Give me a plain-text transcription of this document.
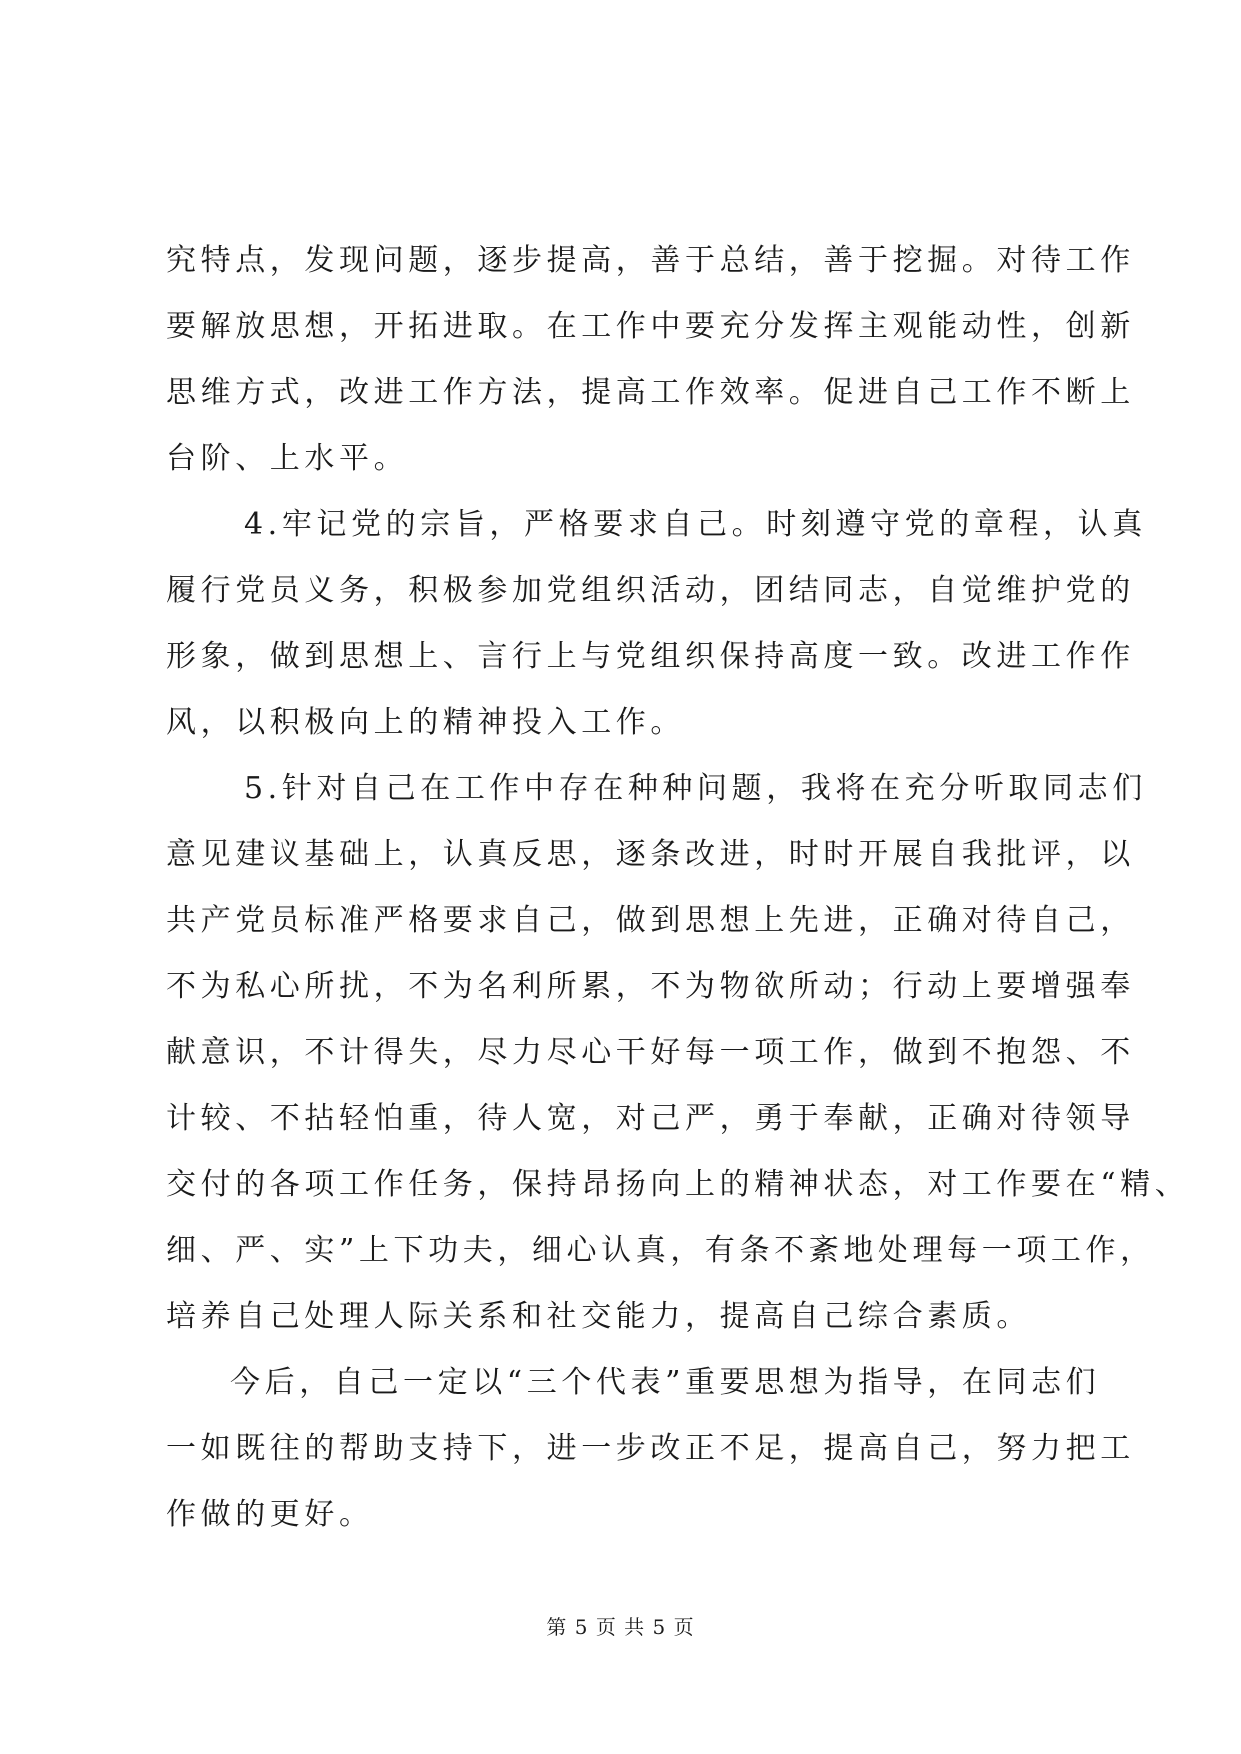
究特点，发现问题，逐步提高，善于总结，善于挖掘。对待工作
要解放思想，开拓进取。在工作中要充分发挥主观能动性，创新
思维方式，改进工作方法，提高工作效率。促进自己工作不断上
台阶、上水平。
4.牢记党的宗旨，严格要求自己。时刻遵守党的章程，认真
履行党员义务，积极参加党组织活动，团结同志，自觉维护党的
形象，做到思想上、言行上与党组织保持高度一致。改进工作作
风，以积极向上的精神投入工作。
5.针对自己在工作中存在种种问题，我将在充分听取同志们
意见建议基础上，认真反思，逐条改进，时时开展自我批评，以
共产党员标准严格要求自己，做到思想上先进，正确对待自己，
不为私心所扰，不为名利所累，不为物欲所动；行动上要增强奉
献意识，不计得失，尽力尽心干好每一项工作，做到不抱怨、不
计较、不拈轻怕重，待人宽，对己严，勇于奉献，正确对待领导
交付的各项工作任务，保持昂扬向上的精神状态，对工作要在“精、
细、严、实”上下功夫，细心认真，有条不紊地处理每一项工作，
培养自己处理人际关系和社交能力，提高自己综合素质。
今后，自己一定以“三个代表”重要思想为指导，在同志们
一如既往的帮助支持下，进一步改正不足，提高自己，努力把工
作做的更好。
第 5 页 共 5 页
